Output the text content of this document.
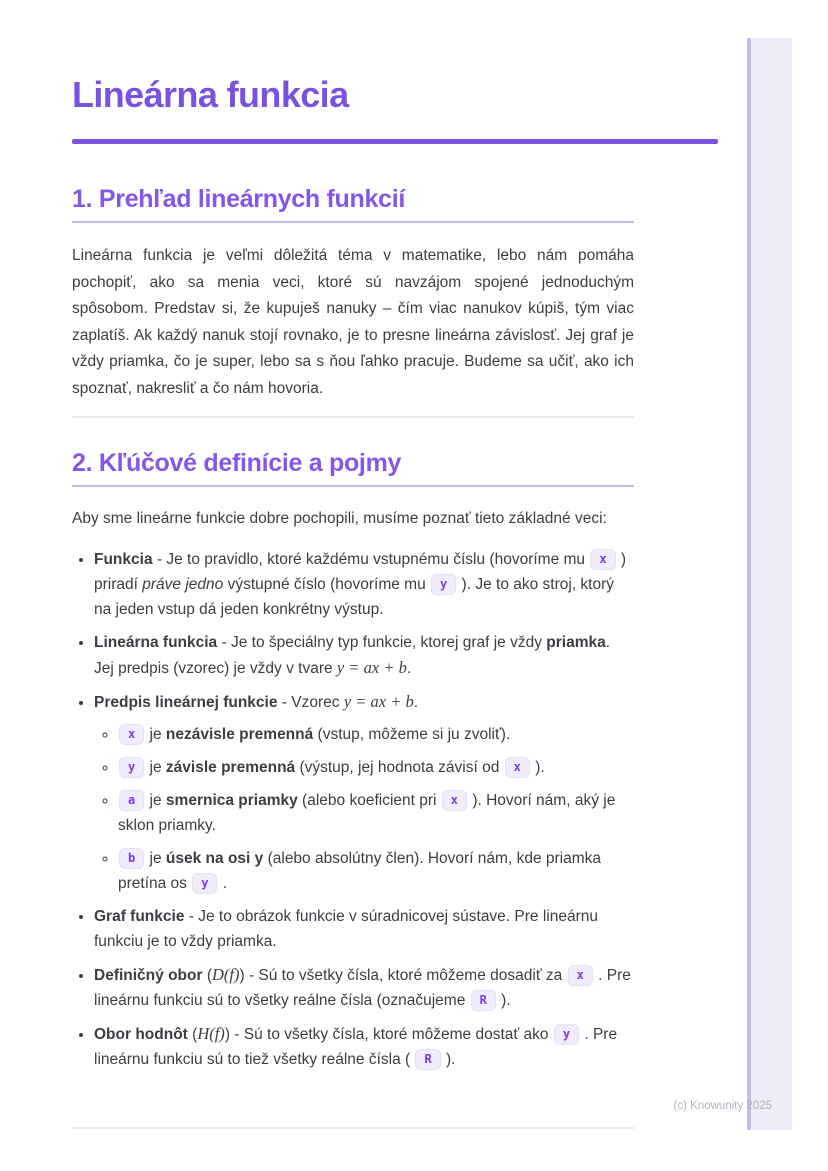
Lineárna funkcia
1. Prehľad lineárnych funkcií

Lineárna funkcia je veľmi dôležitá téma v matematike, lebo nám pomáha pochopiť, ako sa menia veci, ktoré sú navzájom spojené jednoduchým spôsobom. Predstav si, že kupuješ nanuky – čím viac nanukov kúpiš, tým viac zaplatíš. Ak každý nanuk stojí rovnako, je to presne lineárna závislosť. Jej graf je vždy priamka, čo je super, lebo sa s ňou ľahko pracuje. Budeme sa učiť, ako ich spoznať, nakresliť a čo nám hovoria.

2. Kľúčové definície a pojmy

Aby sme lineárne funkcie dobre pochopili, musíme poznať tieto základné veci:

• Funkcia - Je to pravidlo, ktoré každému vstupnému číslu (hovoríme mu x ) priradí práve jedno výstupné číslo (hovoríme mu y ). Je to ako stroj, ktorý na jeden vstup dá jeden konkrétny výstup.
• Lineárna funkcia - Je to špeciálny typ funkcie, ktorej graf je vždy priamka. Jej predpis (vzorec) je vždy v tvare y = ax + b.
• Predpis lineárnej funkcie - Vzorec y = ax + b.
◦ x je nezávisle premenná (vstup, môžeme si ju zvoliť).
◦ y je závisle premenná (výstup, jej hodnota závisí od x ).
◦ a je smernica priamky (alebo koeficient pri x ). Hovorí nám, aký je sklon priamky.
◦ b je úsek na osi y (alebo absolútny člen). Hovorí nám, kde priamka pretína os y .
• Graf funkcie - Je to obrázok funkcie v súradnicovej sústave. Pre lineárnu funkciu je to vždy priamka.
• Definičný obor (D(f)) - Sú to všetky čísla, ktoré môžeme dosadiť za x . Pre lineárnu funkciu sú to všetky reálne čísla (označujeme R ).
• Obor hodnôt (H(f)) - Sú to všetky čísla, ktoré môžeme dostať ako y . Pre lineárnu funkciu sú to tiež všetky reálne čísla ( R ).
(c) Knowunity 2025
